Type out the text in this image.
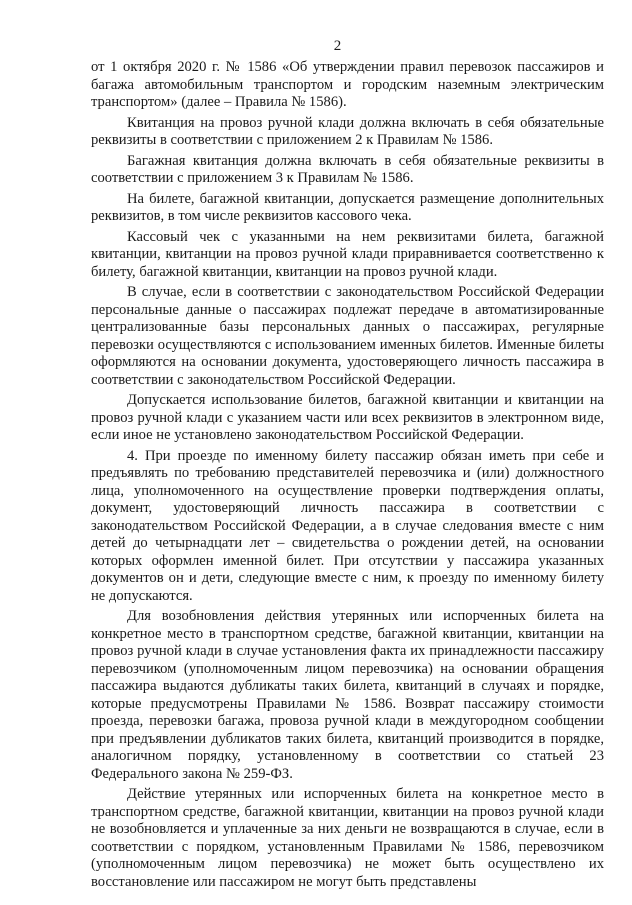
2

от 1 октября 2020 г. № 1586 «Об утверждении правил перевозок пассажиров и багажа автомобильным транспортом и городским наземным электрическим транспортом» (далее – Правила № 1586).

Квитанция на провоз ручной клади должна включать в себя обязательные реквизиты в соответствии с приложением 2 к Правилам № 1586.

Багажная квитанция должна включать в себя обязательные реквизиты в соответствии с приложением 3 к Правилам № 1586.

На билете, багажной квитанции, допускается размещение дополнительных реквизитов, в том числе реквизитов кассового чека.

Кассовый чек с указанными на нем реквизитами билета, багажной квитанции, квитанции на провоз ручной клади приравнивается соответственно к билету, багажной квитанции, квитанции на провоз ручной клади.

В случае, если в соответствии с законодательством Российской Федерации персональные данные о пассажирах подлежат передаче в автоматизированные централизованные базы персональных данных о пассажирах, регулярные перевозки осуществляются с использованием именных билетов. Именные билеты оформляются на основании документа, удостоверяющего личность пассажира в соответствии с законодательством Российской Федерации.

Допускается использование билетов, багажной квитанции и квитанции на провоз ручной клади с указанием части или всех реквизитов в электронном виде, если иное не установлено законодательством Российской Федерации.

4. При проезде по именному билету пассажир обязан иметь при себе и предъявлять по требованию представителей перевозчика и (или) должностного лица, уполномоченного на осуществление проверки подтверждения оплаты, документ, удостоверяющий личность пассажира в соответствии с законодательством Российской Федерации, а в случае следования вместе с ним детей до четырнадцати лет – свидетельства о рождении детей, на основании которых оформлен именной билет. При отсутствии у пассажира указанных документов он и дети, следующие вместе с ним, к проезду по именному билету не допускаются.

Для возобновления действия утерянных или испорченных билета на конкретное место в транспортном средстве, багажной квитанции, квитанции на провоз ручной клади в случае установления факта их принадлежности пассажиру перевозчиком (уполномоченным лицом перевозчика) на основании обращения пассажира выдаются дубликаты таких билета, квитанций в случаях и порядке, которые предусмотрены Правилами № 1586. Возврат пассажиру стоимости проезда, перевозки багажа, провоза ручной клади в междугородном сообщении при предъявлении дубликатов таких билета, квитанций производится в порядке, аналогичном порядку, установленному в соответствии со статьей 23 Федерального закона № 259-ФЗ.

Действие утерянных или испорченных билета на конкретное место в транспортном средстве, багажной квитанции, квитанции на провоз ручной клади не возобновляется и уплаченные за них деньги не возвращаются в случае, если в соответствии с порядком, установленным Правилами № 1586, перевозчиком (уполномоченным лицом перевозчика) не может быть осуществлено их восстановление или пассажиром не могут быть представлены
